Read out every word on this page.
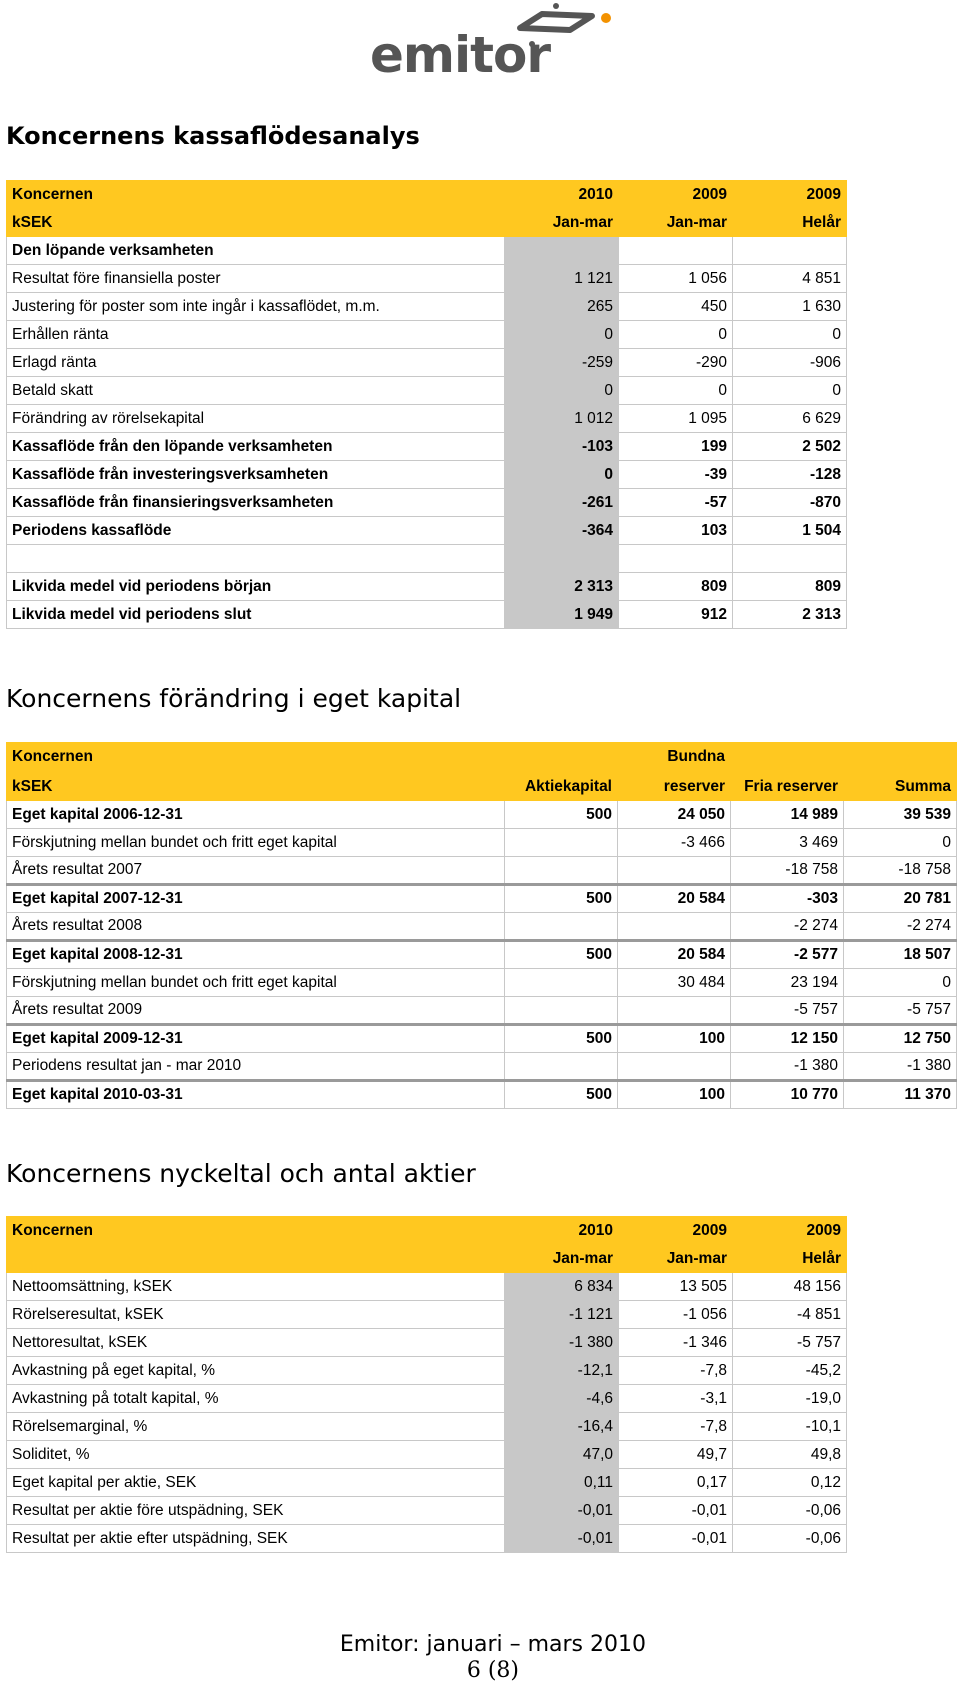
emitor
Koncernens kassaflödesanalys
Koncernen	2010	2009	2009
kSEK	Jan-mar	Jan-mar	Helår
Den löpande verksamheten			
Resultat före finansiella poster	1 121	1 056	4 851
Justering för poster som inte ingår i kassaflödet, m.m.	265	450	1 630
Erhållen ränta	0	0	0
Erlagd ränta	-259	-290	-906
Betald skatt	0	0	0
Förändring av rörelsekapital	1 012	1 095	6 629
Kassaflöde från den löpande verksamheten	-103	199	2 502
Kassaflöde från investeringsverksamheten	0	-39	-128
Kassaflöde från finansieringsverksamheten	-261	-57	-870
Periodens kassaflöde	-364	103	1 504

Likvida medel vid periodens början	2 313	809	809
Likvida medel vid periodens slut	1 949	912	2 313
Koncernens förändring i eget kapital
Koncernen		Bundna		
kSEK	Aktiekapital	reserver	Fria reserver	Summa
Eget kapital 2006-12-31	500	24 050	14 989	39 539
Förskjutning mellan bundet och fritt eget kapital		-3 466	3 469	0
Årets resultat 2007			-18 758	-18 758
Eget kapital 2007-12-31	500	20 584	-303	20 781
Årets resultat 2008			-2 274	-2 274
Eget kapital 2008-12-31	500	20 584	-2 577	18 507
Förskjutning mellan bundet och fritt eget kapital		30 484	23 194	0
Årets resultat 2009			-5 757	-5 757
Eget kapital 2009-12-31	500	100	12 150	12 750
Periodens resultat jan - mar 2010			-1 380	-1 380
Eget kapital 2010-03-31	500	100	10 770	11 370
Koncernens nyckeltal och antal aktier
Koncernen	2010	2009	2009
	Jan-mar	Jan-mar	Helår
Nettoomsättning, kSEK	6 834	13 505	48 156
Rörelseresultat, kSEK	-1 121	-1 056	-4 851
Nettoresultat, kSEK	-1 380	-1 346	-5 757
Avkastning på eget kapital, %	-12,1	-7,8	-45,2
Avkastning på totalt kapital, %	-4,6	-3,1	-19,0
Rörelsemarginal, %	-16,4	-7,8	-10,1
Soliditet, %	47,0	49,7	49,8
Eget kapital per aktie, SEK	0,11	0,17	0,12
Resultat per aktie före utspädning, SEK	-0,01	-0,01	-0,06
Resultat per aktie efter utspädning, SEK	-0,01	-0,01	-0,06
Emitor: januari – mars 2010
6 (8)
